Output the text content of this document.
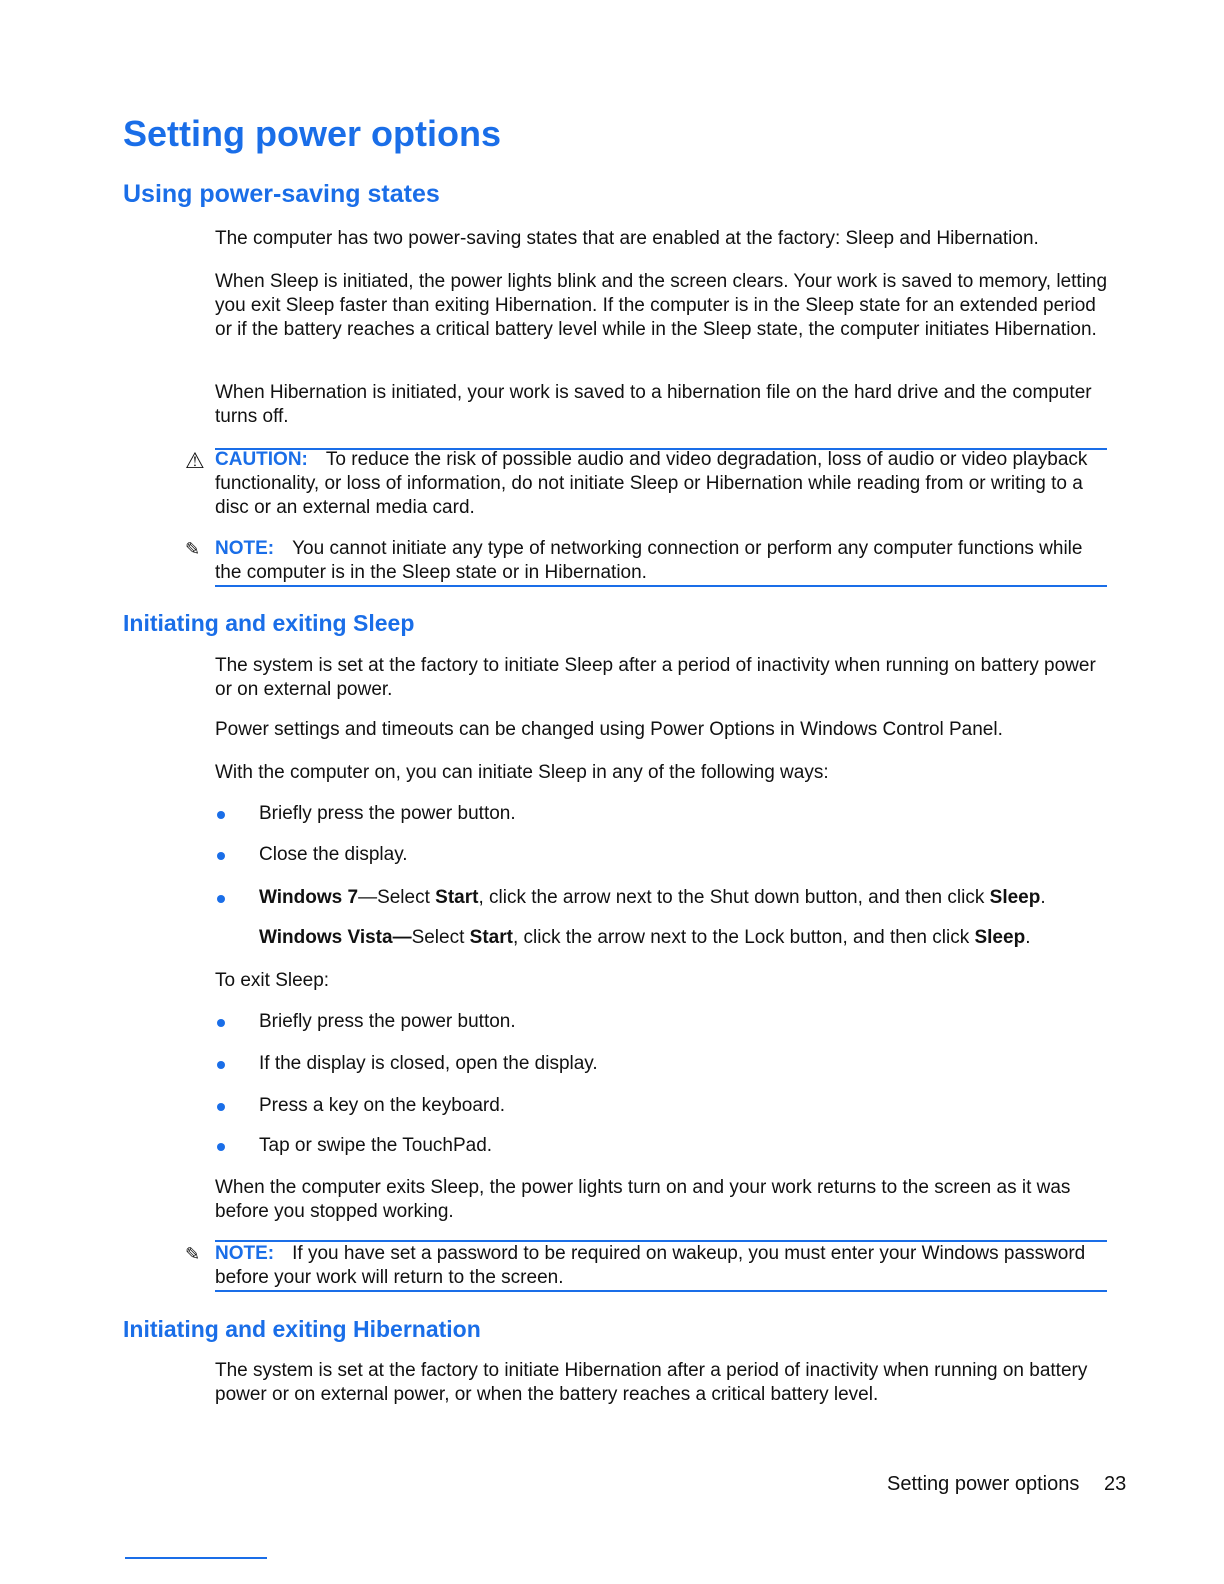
Setting power options
Using power-saving states
The computer has two power-saving states that are enabled at the factory: Sleep and Hibernation.
When Sleep is initiated, the power lights blink and the screen clears. Your work is saved to memory, letting you exit Sleep faster than exiting Hibernation. If the computer is in the Sleep state for an extended period or if the battery reaches a critical battery level while in the Sleep state, the computer initiates Hibernation.
When Hibernation is initiated, your work is saved to a hibernation file on the hard drive and the computer turns off.
⚠ CAUTION: To reduce the risk of possible audio and video degradation, loss of audio or video playback functionality, or loss of information, do not initiate Sleep or Hibernation while reading from or writing to a disc or an external media card.
✎ NOTE: You cannot initiate any type of networking connection or perform any computer functions while the computer is in the Sleep state or in Hibernation.
Initiating and exiting Sleep
The system is set at the factory to initiate Sleep after a period of inactivity when running on battery power or on external power.
Power settings and timeouts can be changed using Power Options in Windows Control Panel.
With the computer on, you can initiate Sleep in any of the following ways:
Briefly press the power button.
Close the display.
Windows 7—Select Start, click the arrow next to the Shut down button, and then click Sleep.
Windows Vista—Select Start, click the arrow next to the Lock button, and then click Sleep.
To exit Sleep:
Briefly press the power button.
If the display is closed, open the display.
Press a key on the keyboard.
Tap or swipe the TouchPad.
When the computer exits Sleep, the power lights turn on and your work returns to the screen as it was before you stopped working.
✎ NOTE: If you have set a password to be required on wakeup, you must enter your Windows password before your work will return to the screen.
Initiating and exiting Hibernation
The system is set at the factory to initiate Hibernation after a period of inactivity when running on battery power or on external power, or when the battery reaches a critical battery level.
Setting power options 23
